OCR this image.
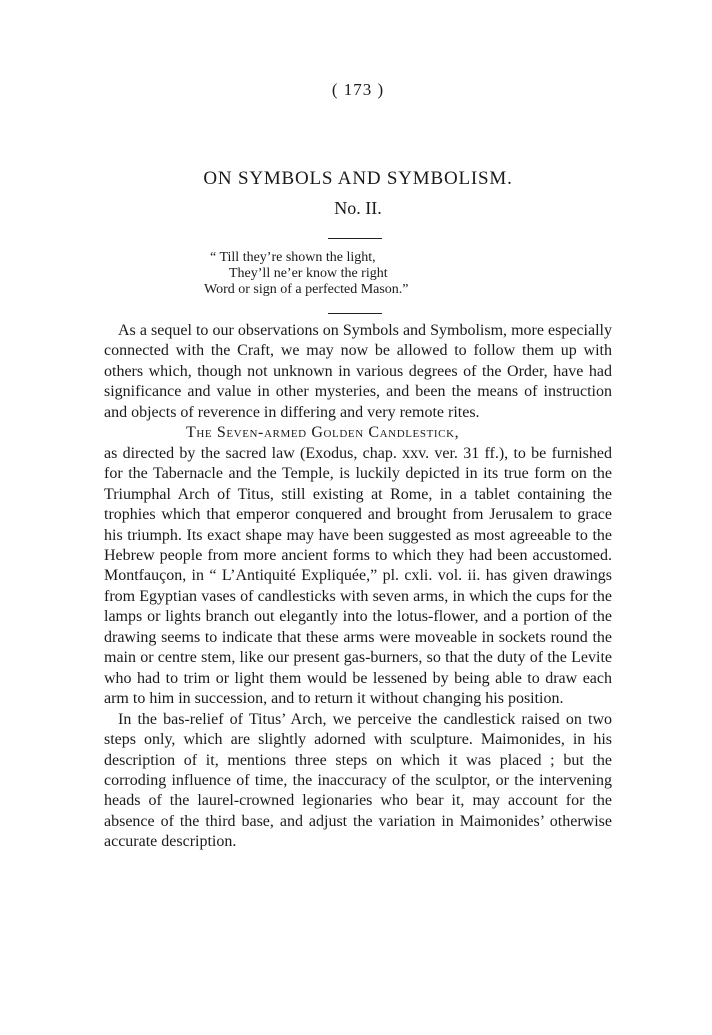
( 173 )
ON SYMBOLS AND SYMBOLISM.
No. II.
“ Till they’re shown the light,
They’ll ne’er know the right
Word or sign of a perfected Mason.”
As a sequel to our observations on Symbols and Symbolism, more especially connected with the Craft, we may now be allowed to follow them up with others which, though not unknown in various degrees of the Order, have had significance and value in other mysteries, and been the means of instruction and objects of reverence in differing and very remote rites.
The Seven-armed Golden Candlestick,
as directed by the sacred law (Exodus, chap. xxv. ver. 31 ff.), to be furnished for the Tabernacle and the Temple, is luckily depicted in its true form on the Triumphal Arch of Titus, still existing at Rome, in a tablet containing the trophies which that emperor conquered and brought from Jerusalem to grace his triumph. Its exact shape may have been suggested as most agreeable to the Hebrew people from more ancient forms to which they had been accustomed. Montfauçon, in “ L’Antiquité Expliquée,” pl. cxli. vol. ii. has given drawings from Egyptian vases of candlesticks with seven arms, in which the cups for the lamps or lights branch out elegantly into the lotus-flower, and a portion of the drawing seems to indicate that these arms were moveable in sockets round the main or centre stem, like our present gas-burners, so that the duty of the Levite who had to trim or light them would be lessened by being able to draw each arm to him in succession, and to return it without changing his position.
In the bas-relief of Titus’ Arch, we perceive the candlestick raised on two steps only, which are slightly adorned with sculpture. Maimonides, in his description of it, mentions three steps on which it was placed ; but the corroding influence of time, the inaccuracy of the sculptor, or the intervening heads of the laurel-crowned legionaries who bear it, may account for the absence of the third base, and adjust the variation in Maimonides’ otherwise accurate description.
